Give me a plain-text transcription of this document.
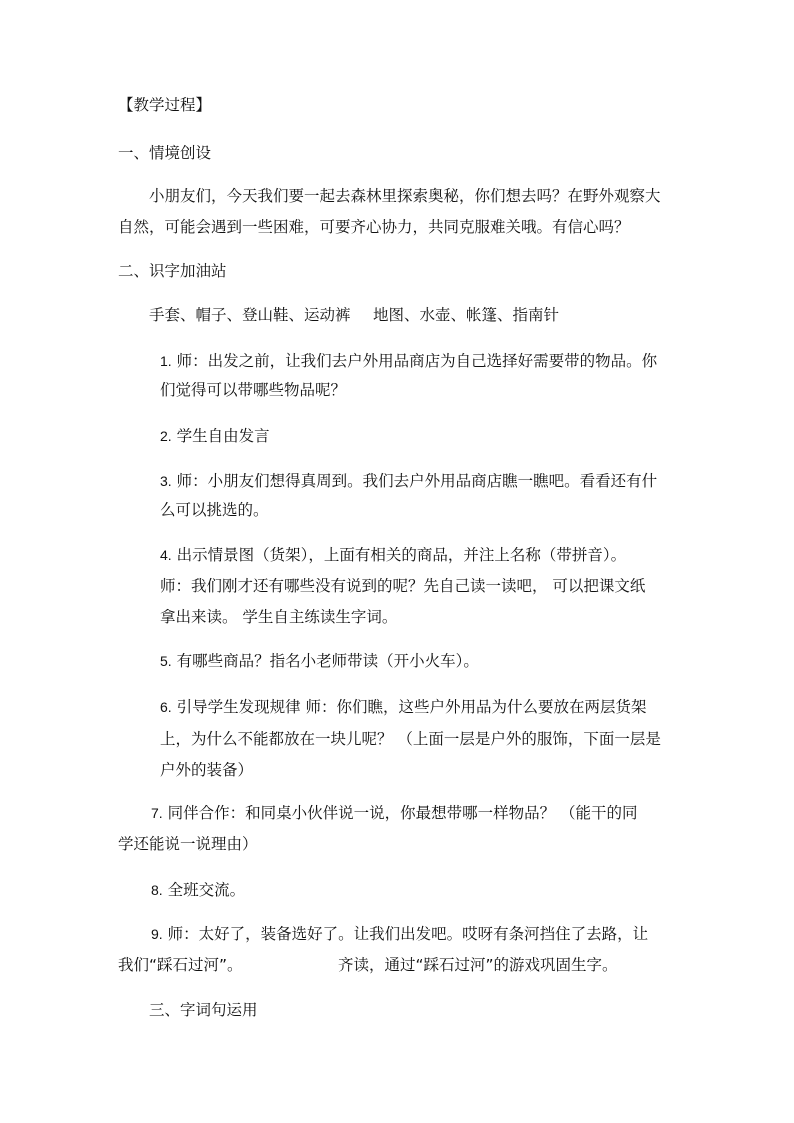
【教学过程】
一、情境创设
小朋友们，今天我们要一起去森林里探索奥秘，你们想去吗？在野外观察大
自然，可能会遇到一些困难，可要齐心协力，共同克服难关哦。有信心吗？
二、识字加油站
手套、帽子、登山鞋、运动裤 地图、水壶、帐篷、指南针
1. 师：出发之前，让我们去户外用品商店为自己选择好需要带的物品。你
们觉得可以带哪些物品呢？
2. 学生自由发言
3. 师：小朋友们想得真周到。我们去户外用品商店瞧一瞧吧。看看还有什
么可以挑选的。
4. 出示情景图（货架），上面有相关的商品，并注上名称（带拼音）。
师：我们刚才还有哪些没有说到的呢？先自己读一读吧， 可以把课文纸
拿出来读。 学生自主练读生字词。
5. 有哪些商品？指名小老师带读（开小火车）。
6. 引导学生发现规律 师：你们瞧，这些户外用品为什么要放在两层货架
上，为什么不能都放在一块儿呢？ （上面一层是户外的服饰，下面一层是
户外的装备）
7. 同伴合作：和同桌小伙伴说一说，你最想带哪一样物品？ （能干的同
学还能说一说理由）
8. 全班交流。
9. 师：太好了，装备选好了。让我们出发吧。哎呀有条河挡住了去路，让
我们“踩石过河”。	齐读，通过“踩石过河”的游戏巩固生字。
三、字词句运用
